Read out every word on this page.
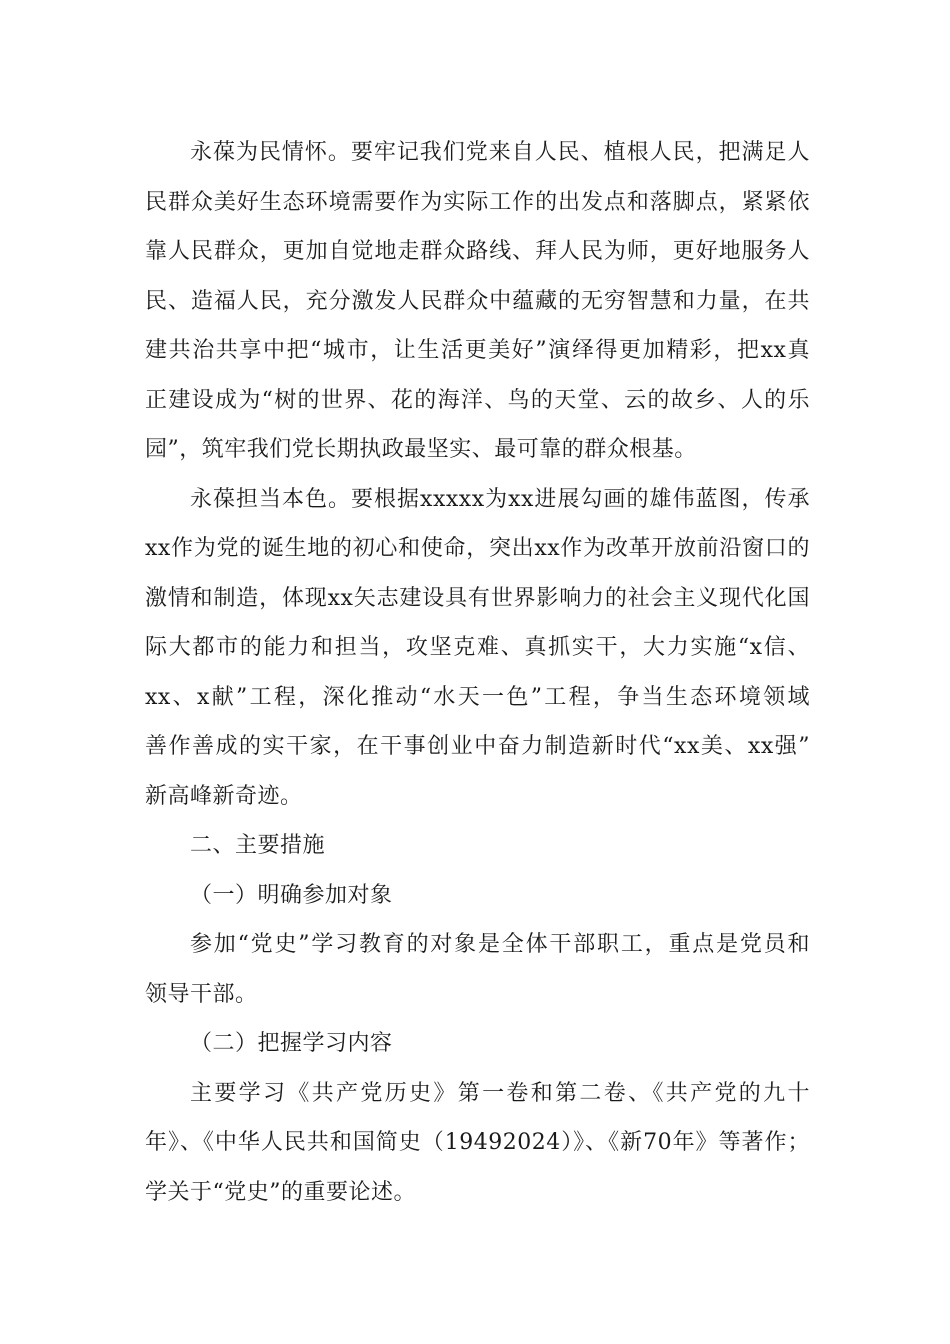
永葆为民情怀。要牢记我们党来自人民、植根人民，把满足人
民群众美好生态环境需要作为实际工作的出发点和落脚点，紧紧依
靠人民群众，更加自觉地走群众路线、拜人民为师，更好地服务人
民、造福人民，充分激发人民群众中蕴藏的无穷智慧和力量，在共
建共治共享中把“城市，让生活更美好”演绎得更加精彩，把xx真
正建设成为“树的世界、花的海洋、鸟的天堂、云的故乡、人的乐
园”，筑牢我们党长期执政最坚实、最可靠的群众根基。
永葆担当本色。要根据xxxxx为xx进展勾画的雄伟蓝图，传承
xx作为党的诞生地的初心和使命，突出xx作为改革开放前沿窗口的
激情和制造，体现xx矢志建设具有世界影响力的社会主义现代化国
际大都市的能力和担当，攻坚克难、真抓实干，大力实施“x信、
xx、x献”工程，深化推动“水天一色”工程，争当生态环境领域
善作善成的实干家，在干事创业中奋力制造新时代“xx美、xx强”
新高峰新奇迹。
二、主要措施
（一）明确参加对象
参加“党史”学习教育的对象是全体干部职工，重点是党员和
领导干部。
（二）把握学习内容
主要学习《共产党历史》第一卷和第二卷、《共产党的九十
年》、《中华人民共和国简史（19492024）》、《新70年》等著作；
学关于“党史”的重要论述。
